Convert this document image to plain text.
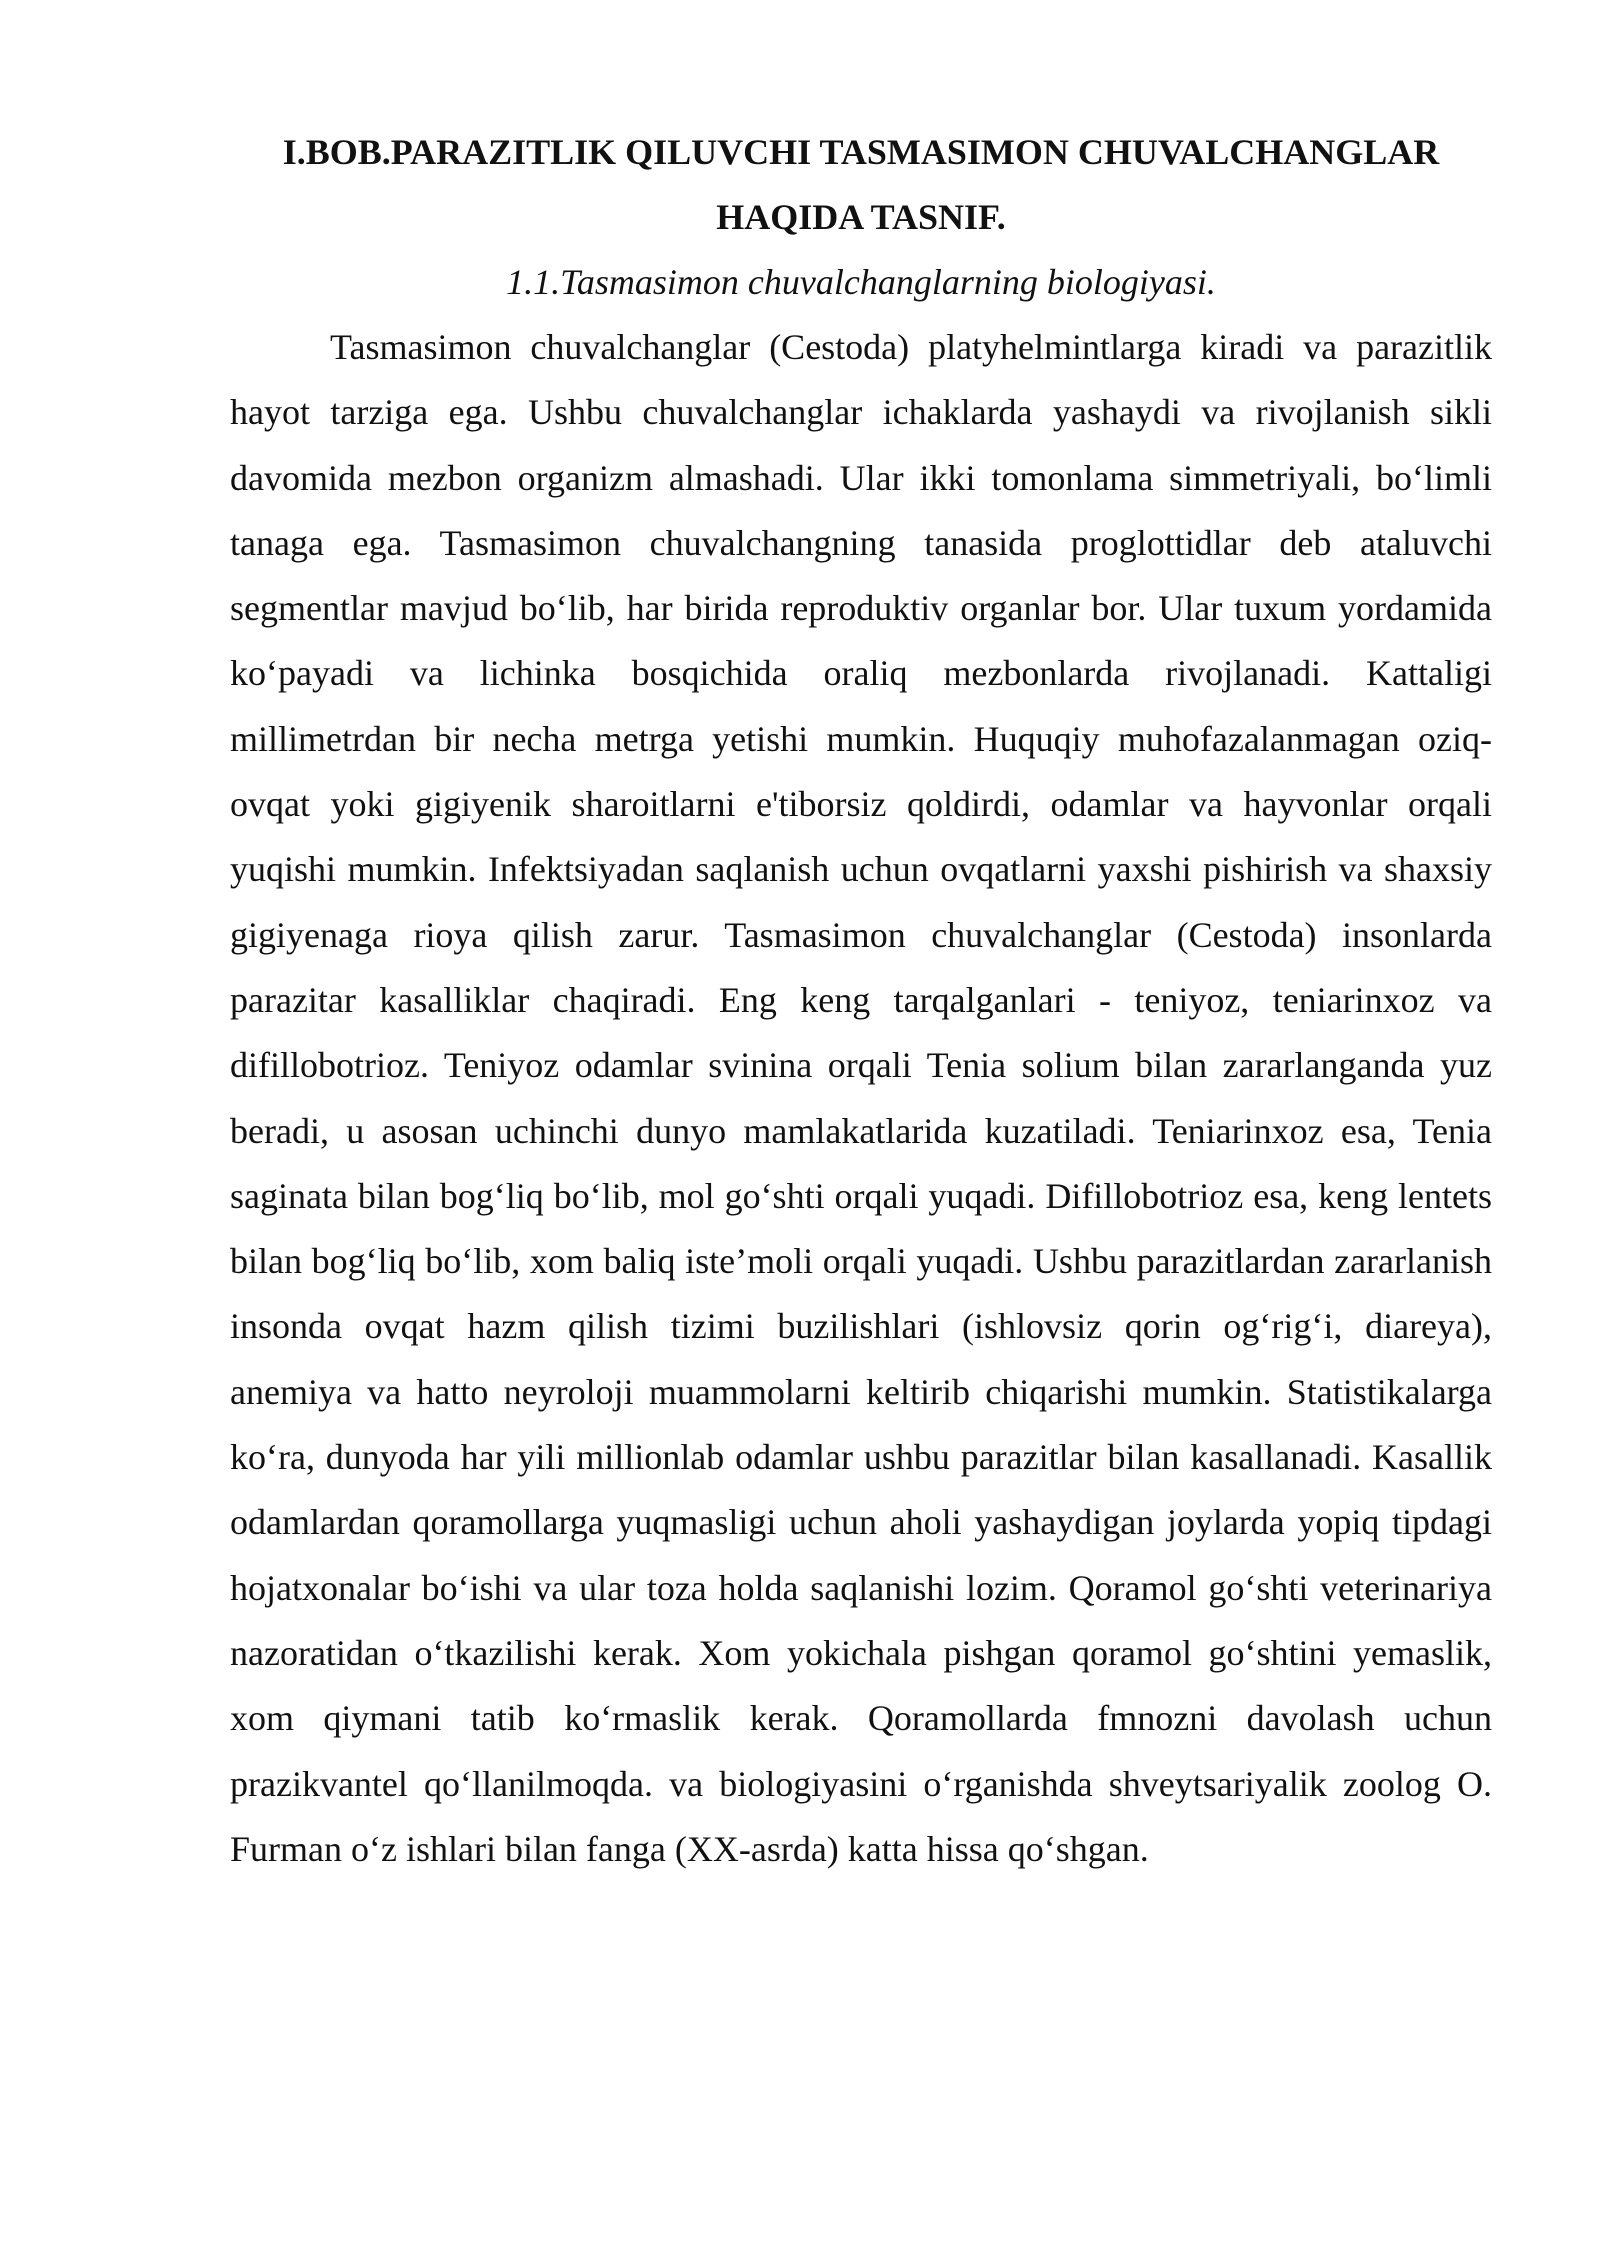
I.BOB.PARAZITLIK QILUVCHI TASMASIMON CHUVALCHANGLAR
HAQIDA TASNIF.
1.1.Tasmasimon chuvalchanglarning biologiyasi.

Tasmasimon chuvalchanglar (Cestoda) platyhelmintlarga kiradi va parazitlik hayot tarziga ega. Ushbu chuvalchanglar ichaklarda yashaydi va rivojlanish sikli davomida mezbon organizm almashadi. Ular ikki tomonlama simmetriyali, bo‘limli tanaga ega. Tasmasimon chuvalchangning tanasida proglottidlar deb ataluvchi segmentlar mavjud bo‘lib, har birida reproduktiv organlar bor. Ular tuxum yordamida ko‘payadi va lichinka bosqichida oraliq mezbonlarda rivojlanadi. Kattaligi millimetrdan bir necha metrga yetishi mumkin. Huquqiy muhofazalanmagan oziq-ovqat yoki gigiyenik sharoitlarni e'tiborsiz qoldirdi, odamlar va hayvonlar orqali yuqishi mumkin. Infektsiyadan saqlanish uchun ovqatlarni yaxshi pishirish va shaxsiy gigiyenaga rioya qilish zarur. Tasmasimon chuvalchanglar (Cestoda) insonlarda parazitar kasalliklar chaqiradi. Eng keng tarqalganlari - teniyoz, teniarinxoz va difillobotrioz. Teniyoz odamlar svinina orqali Tenia solium bilan zararlanganda yuz beradi, u asosan uchinchi dunyo mamlakatlarida kuzatiladi. Teniarinxoz esa, Tenia saginata bilan bog‘liq bo‘lib, mol go‘shti orqali yuqadi. Difillobotrioz esa, keng lentets bilan bog‘liq bo‘lib, xom baliq iste’moli orqali yuqadi. Ushbu parazitlardan zararlanish insonda ovqat hazm qilish tizimi buzilishlari (ishlovsiz qorin og‘rig‘i, diareya), anemiya va hatto neyroloji muammolarni keltirib chiqarishi mumkin. Statistikalarga ko‘ra, dunyoda har yili millionlab odamlar ushbu parazitlar bilan kasallanadi. Kasallik odamlardan qoramollarga yuqmasligi uchun aholi yashaydigan joylarda yopiq tipdagi hojatxonalar bo‘ishi va ular toza holda saqlanishi lozim. Qoramol go‘shti veterinariya nazoratidan o‘tkazilishi kerak. Xom yokichala pishgan qoramol go‘shtini yemaslik, xom qiymani tatib ko‘rmaslik kerak. Qoramollarda fmnozni davolash uchun prazikvantel qo‘llanilmoqda. va biologiyasini o‘rganishda shveytsariyalik zoolog O. Furman o‘z ishlari bilan fanga (XX-asrda) katta hissa qo‘shgan.
